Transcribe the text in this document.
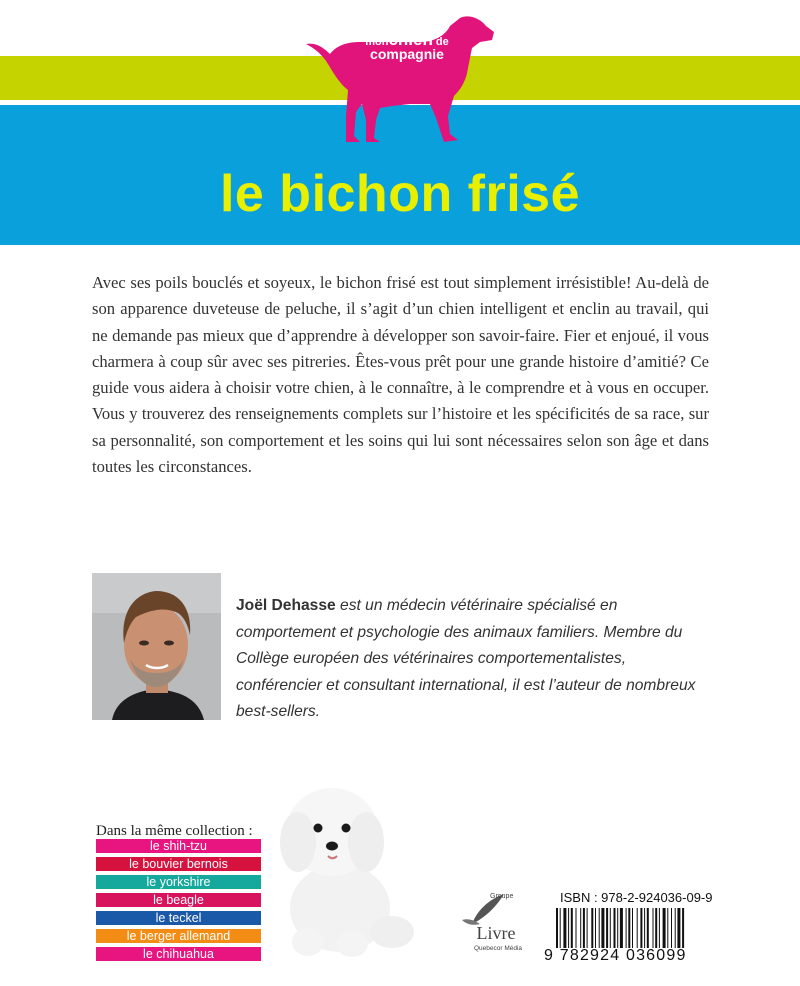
monchien de
compagnie
le bichon frisé
Avec ses poils bouclés et soyeux, le bichon frisé est tout simplement irrésistible! Au-delà de son apparence duveteuse de peluche, il s’agit d’un chien intelligent et enclin au travail, qui ne demande pas mieux que d’apprendre à développer son savoir-faire. Fier et enjoué, il vous charmera à coup sûr avec ses pitreries. Êtes-vous prêt pour une grande histoire d’amitié? Ce guide vous aidera à choisir votre chien, à le connaître, à le comprendre et à vous en occuper. Vous y trouverez des renseignements complets sur l’histoire et les spécificités de sa race, sur sa personnalité, son comportement et les soins qui lui sont nécessaires selon son âge et dans toutes les circonstances.
Joël Dehasse est un médecin vétérinaire spécialisé en comportement et psychologie des animaux familiers. Membre du Collège européen des vétérinaires comportementalistes, conférencier et consultant international, il est l’auteur de nombreux best-sellers.
Dans la même collection :
le shih-tzu
le bouvier bernois
le yorkshire
le beagle
le teckel
le berger allemand
le chihuahua
Groupe
Livre
Quebecor Média
ISBN : 978-2-924036-09-9
9 782924 036099
